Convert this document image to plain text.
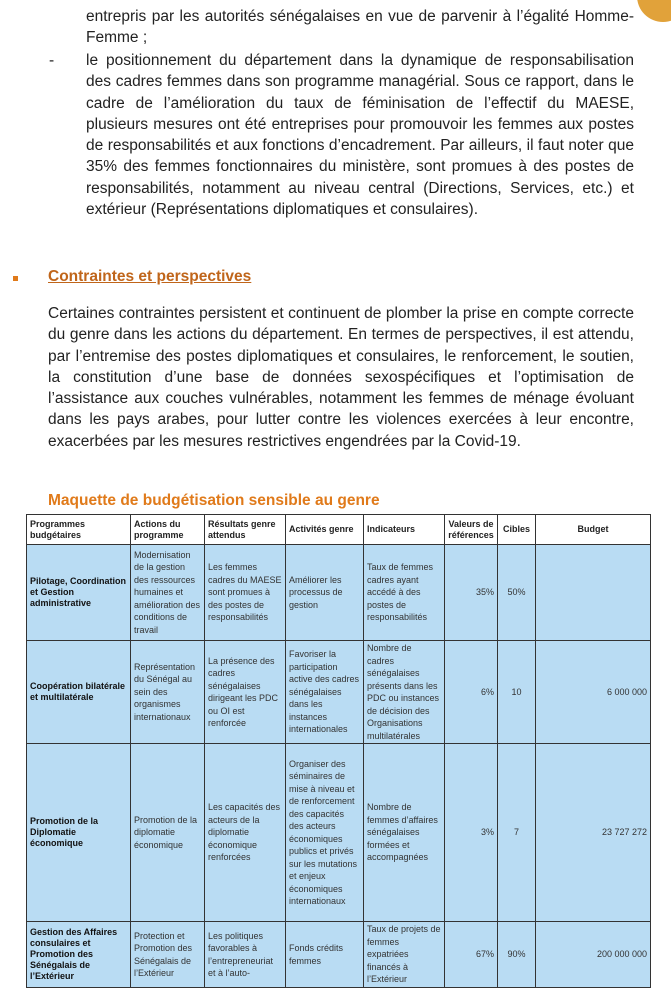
entrepris par les autorités sénégalaises en vue de parvenir à l’égalité Homme-Femme ;

- le positionnement du département dans la dynamique de responsabilisation des cadres femmes dans son programme managérial. Sous ce rapport, dans le cadre de l’amélioration du taux de féminisation de l’effectif du MAESE, plusieurs mesures ont été entreprises pour promouvoir les femmes aux postes de responsabilités et aux fonctions d’encadrement. Par ailleurs, il faut noter que 35% des femmes fonctionnaires du ministère, sont promues à des postes de responsabilités, notamment au niveau central (Directions, Services, etc.) et extérieur (Représentations diplomatiques et consulaires).

Contraintes et perspectives

Certaines contraintes persistent et continuent de plomber la prise en compte correcte du genre dans les actions du département. En termes de perspectives, il est attendu, par l’entremise des postes diplomatiques et consulaires, le renforcement, le soutien, la constitution d’une base de données sexospécifiques et l’optimisation de l’assistance aux couches vulnérables, notamment les femmes de ménage évoluant dans les pays arabes, pour lutter contre les violences exercées à leur encontre, exacerbées par les mesures restrictives engendrées par la Covid-19.

Maquette de budgétisation sensible au genre
Programmes budgétaires	Actions du programme	Résultats genre attendus	Activités genre	Indicateurs	Valeurs de références	Cibles	Budget
Pilotage, Coordination et Gestion administrative	Modernisation de la gestion des ressources humaines et amélioration des conditions de travail	Les femmes cadres du MAESE sont promues à des postes de responsabilités	Améliorer les processus de gestion	Taux de femmes cadres ayant accédé à des postes de responsabilités	35%	50%	
Coopération bilatérale et multilatérale	Représentation du Sénégal au sein des organismes internationaux	La présence des cadres sénégalaises dirigeant les PDC ou OI est renforcée	Favoriser la participation active des cadres sénégalaises dans les instances internationales	Nombre de cadres sénégalaises présents dans les PDC ou instances de décision des Organisations multilatérales	6%	10	6 000 000
Promotion de la Diplomatie économique	Promotion de la diplomatie économique	Les capacités des acteurs de la diplomatie économique renforcées	Organiser des séminaires de mise à niveau et de renforcement des capacités des acteurs économiques publics et privés sur les mutations et enjeux économiques internationaux	Nombre de femmes d’affaires sénégalaises formées et accompagnées	3%	7	23 727 272
Gestion des Affaires consulaires et Promotion des Sénégalais de l’Extérieur	Protection et Promotion des Sénégalais de l’Extérieur	Les politiques favorables à l’entrepreneuriat et à l’auto-	Fonds crédits femmes	Taux de projets de femmes expatriées financés à l’Extérieur	67%	90%	200 000 000
